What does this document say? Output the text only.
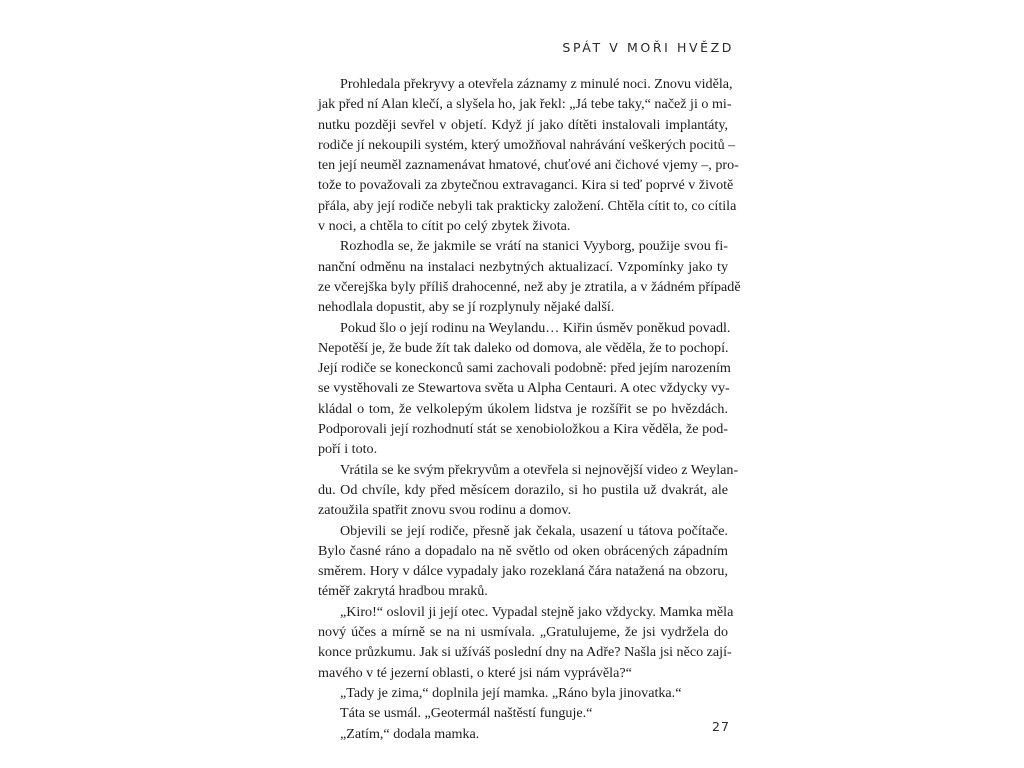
SPÁT V MOŘI HVĚZD
Prohledala překryvy a otevřela záznamy z minulé noci. Znovu viděla,
jak před ní Alan klečí, a slyšela ho, jak řekl: „Já tebe taky,“ načež ji o mi-
nutku později sevřel v objetí. Když jí jako dítěti instalovali implantáty,
rodiče jí nekoupili systém, který umožňoval nahrávání veškerých pocitů –
ten její neuměl zaznamenávat hmatové, chuťové ani čichové vjemy –, pro-
tože to považovali za zbytečnou extravaganci. Kira si teď poprvé v životě
přála, aby její rodiče nebyli tak prakticky založení. Chtěla cítit to, co cítila
v noci, a chtěla to cítit po celý zbytek života.
Rozhodla se, že jakmile se vrátí na stanici Vyyborg, použije svou fi-
nanční odměnu na instalaci nezbytných aktualizací. Vzpomínky jako ty
ze včerejška byly příliš drahocenné, než aby je ztratila, a v žádném případě
nehodlala dopustit, aby se jí rozplynuly nějaké další.
Pokud šlo o její rodinu na Weylandu… Kiřin úsměv poněkud povadl.
Nepotěší je, že bude žít tak daleko od domova, ale věděla, že to pochopí.
Její rodiče se koneckonců sami zachovali podobně: před jejím narozením
se vystěhovali ze Stewartova světa u Alpha Centauri. A otec vždycky vy-
kládal o tom, že velkolepým úkolem lidstva je rozšířit se po hvězdách.
Podporovali její rozhodnutí stát se xenobioložkou a Kira věděla, že pod-
poří i toto.
Vrátila se ke svým překryvům a otevřela si nejnovější video z Weylan-
du. Od chvíle, kdy před měsícem dorazilo, si ho pustila už dvakrát, ale
zatoužila spatřit znovu svou rodinu a domov.
Objevili se její rodiče, přesně jak čekala, usazení u tátova počítače.
Bylo časné ráno a dopadalo na ně světlo od oken obrácených západním
směrem. Hory v dálce vypadaly jako rozeklaná čára natažená na obzoru,
téměř zakrytá hradbou mraků.
„Kiro!“ oslovil ji její otec. Vypadal stejně jako vždycky. Mamka měla
nový účes a mírně se na ni usmívala. „Gratulujeme, že jsi vydržela do
konce průzkumu. Jak si užíváš poslední dny na Adře? Našla jsi něco zají-
mavého v té jezerní oblasti, o které jsi nám vyprávěla?“
„Tady je zima,“ doplnila její mamka. „Ráno byla jinovatka.“
Táta se usmál. „Geotermál naštěstí funguje.“
„Zatím,“ dodala mamka.	27
